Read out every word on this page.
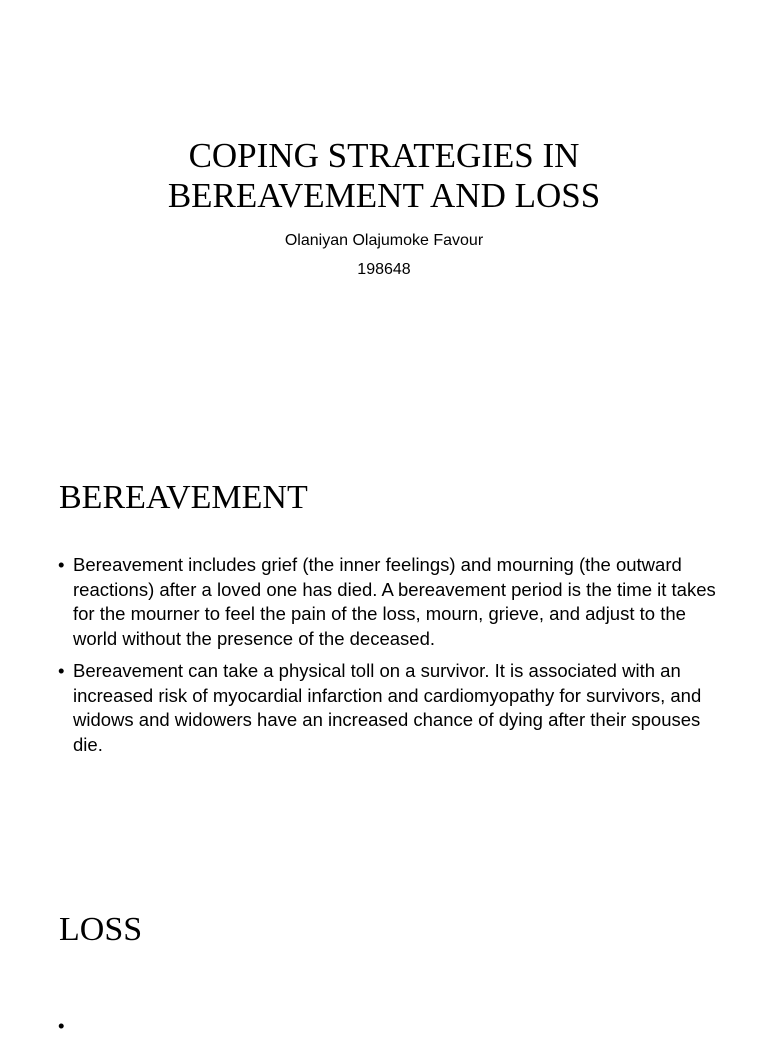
COPING STRATEGIES IN
BEREAVEMENT AND LOSS

Olaniyan Olajumoke Favour

198648

BEREAVEMENT
• Bereavement includes grief (the inner feelings) and mourning (the outward reactions) after a loved one has died. A bereavement period is the time it takes for the mourner to feel the pain of the loss, mourn, grieve, and adjust to the world without the presence of the deceased.
• Bereavement can take a physical toll on a survivor. It is associated with an increased risk of myocardial infarction and cardiomyopathy for survivors, and widows and widowers have an increased chance of dying after their spouses die.
LOSS

•
